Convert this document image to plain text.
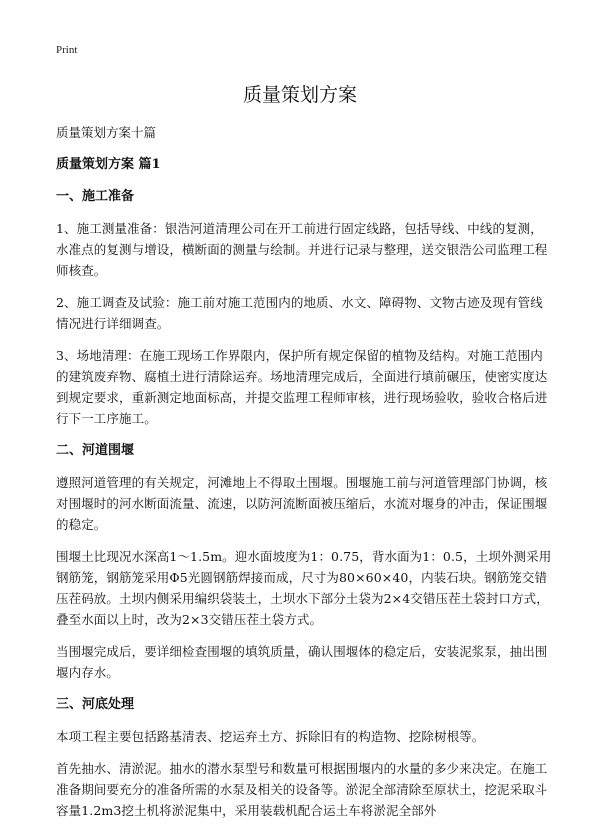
Print
质量策划方案

质量策划方案十篇

质量策划方案 篇1

一、施工准备

1、施工测量准备：银浩河道清理公司在开工前进行固定线路，包括导线、中线的复测，水准点的复测与增设，横断面的测量与绘制。并进行记录与整理，送交银浩公司监理工程师核查。

2、施工调查及试验：施工前对施工范围内的地质、水文、障碍物、文物古迹及现有管线情况进行详细调查。

3、场地清理：在施工现场工作界限内，保护所有规定保留的植物及结构。对施工范围内的建筑废弃物、腐植土进行清除运弃。场地清理完成后，全面进行填前碾压，使密实度达到规定要求，重新测定地面标高，并提交监理工程师审核，进行现场验收，验收合格后进行下一工序施工。

二、河道围堰

遵照河道管理的有关规定，河滩地上不得取土围堰。围堰施工前与河道管理部门协调，核对围堰时的河水断面流量、流速，以防河流断面被压缩后，水流对堰身的冲击，保证围堰的稳定。

围堰土比现况水深高1～1.5m。迎水面坡度为1：0.75，背水面为1：0.5，土坝外测采用钢筋笼，钢筋笼采用Φ5光圆钢筋焊接而成，尺寸为80×60×40，内装石块。钢筋笼交错压茬码放。土坝内侧采用编织袋装土，土坝水下部分土袋为2×4交错压茬土袋封口方式，叠至水面以上时，改为2×3交错压茬土袋方式。

当围堰完成后，要详细检查围堰的填筑质量，确认围堰体的稳定后，安装泥浆泵，抽出围堰内存水。

三、河底处理

本项工程主要包括路基清表、挖运弃土方、拆除旧有的构造物、挖除树根等。

首先抽水、清淤泥。抽水的潜水泵型号和数量可根据围堰内的水量的多少来决定。在施工准备期间要充分的准备所需的水泵及相关的设备等。淤泥全部清除至原状土，挖泥采取斗容量1.2m3挖土机将淤泥集中，采用装载机配合运土车将淤泥全部外
